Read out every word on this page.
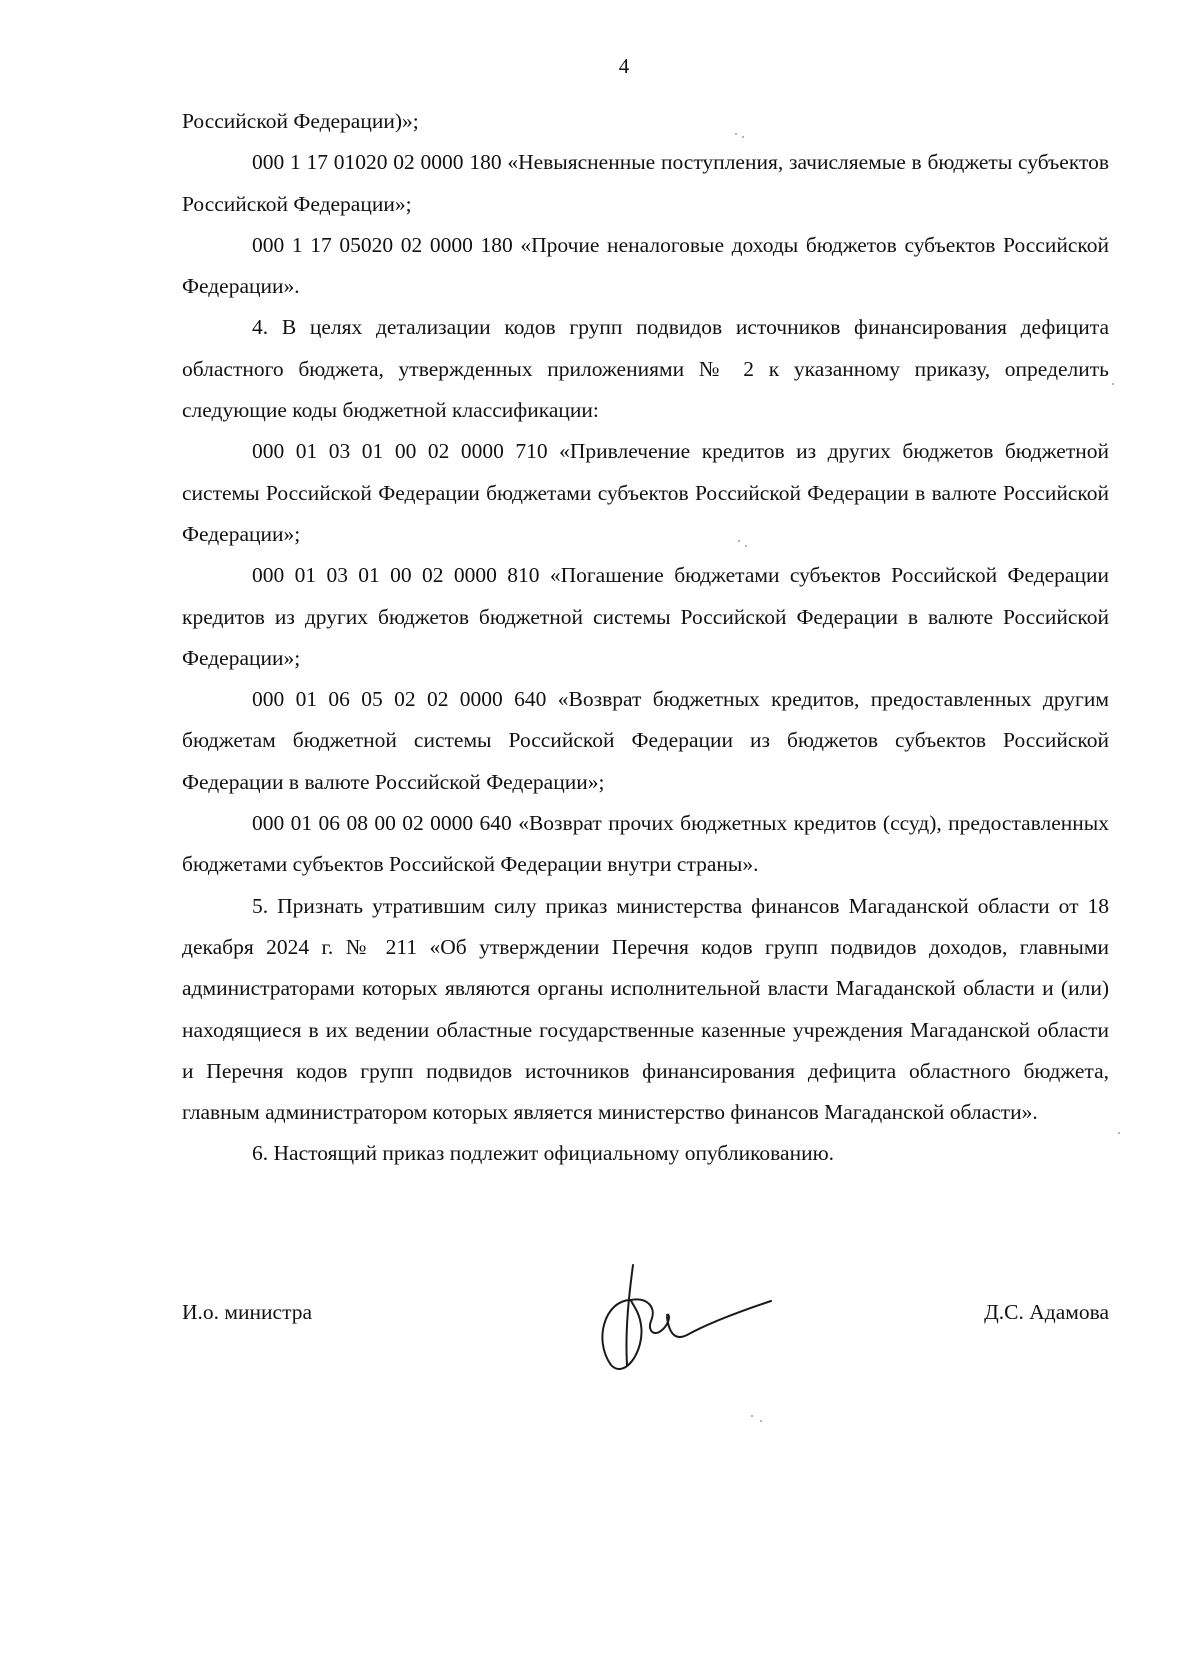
4

Российской Федерации)»;

000 1 17 01020 02 0000 180 «Невыясненные поступления, зачисляемые в бюджеты субъектов Российской Федерации»;

000 1 17 05020 02 0000 180 «Прочие неналоговые доходы бюджетов субъектов Российской Федерации».

4. В целях детализации кодов групп подвидов источников финансирования дефицита областного бюджета, утвержденных приложениями № 2 к указанному приказу, определить следующие коды бюджетной классификации:

000 01 03 01 00 02 0000 710 «Привлечение кредитов из других бюджетов бюджетной системы Российской Федерации бюджетами субъектов Российской Федерации в валюте Российской Федерации»;

000 01 03 01 00 02 0000 810 «Погашение бюджетами субъектов Российской Федерации кредитов из других бюджетов бюджетной системы Российской Федерации в валюте Российской Федерации»;

000 01 06 05 02 02 0000 640 «Возврат бюджетных кредитов, предоставленных другим бюджетам бюджетной системы Российской Федерации из бюджетов субъектов Российской Федерации в валюте Российской Федерации»;

000 01 06 08 00 02 0000 640 «Возврат прочих бюджетных кредитов (ссуд), предоставленных бюджетами субъектов Российской Федерации внутри страны».

5. Признать утратившим силу приказ министерства финансов Магаданской области от 18 декабря 2024 г. № 211 «Об утверждении Перечня кодов групп подвидов доходов, главными администраторами которых являются органы исполнительной власти Магаданской области и (или) находящиеся в их ведении областные государственные казенные учреждения Магаданской области и Перечня кодов групп подвидов источников финансирования дефицита областного бюджета, главным администратором которых является министерство финансов Магаданской области».

6. Настоящий приказ подлежит официальному опубликованию.

И.о. министра	Д.С. Адамова
